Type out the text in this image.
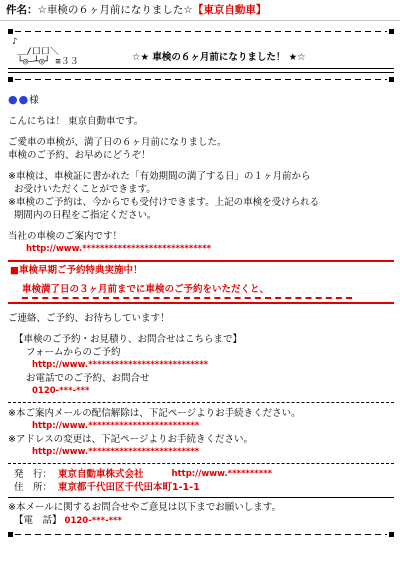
件名： ☆車検の６ヶ月前になりました☆ 【東京自動車】
♪
＿/口口＼
└◎―┴◎┘ ≡３３	☆★ 車検の６ヶ月前になりました！ ★☆
●●様
こんにちは！ 東京自動車です。
ご愛車の車検が、満了日の６ヶ月前になりました。
車検のご予約、お早めにどうぞ！
※車検は、車検証に書かれた「有効期間の満了する日」の１ヶ月前から
お受けいただくことができます。
※車検のご予約は、今からでも受付けできます。上記の車検を受けられる
期間内の日程をご指定ください。
当社の車検のご案内です！
http://www.*****************************
■車検早期ご予約特典実施中！
車検満了日の３ヶ月前までに車検のご予約をいただくと、
ご連絡、ご予約、お待ちしています！
【車検のご予約・お見積り、お問合せはこちらまで】
フォームからのご予約
http://www.***************************
お電話でのご予約、お問合せ
0120-***-***
※本ご案内メールの配信解除は、下記ページよりお手続きください。
http://www.*************************
※アドレスの変更は、下記ページよりお手続きください。
http://www.*************************
発　行： 東京自動車株式会社	http://www.**********
住　所： 東京都千代田区千代田本町1-1-1
※本メールに関するお問合せやご意見は以下までお願いします。
【電　話】 0120-***-***
